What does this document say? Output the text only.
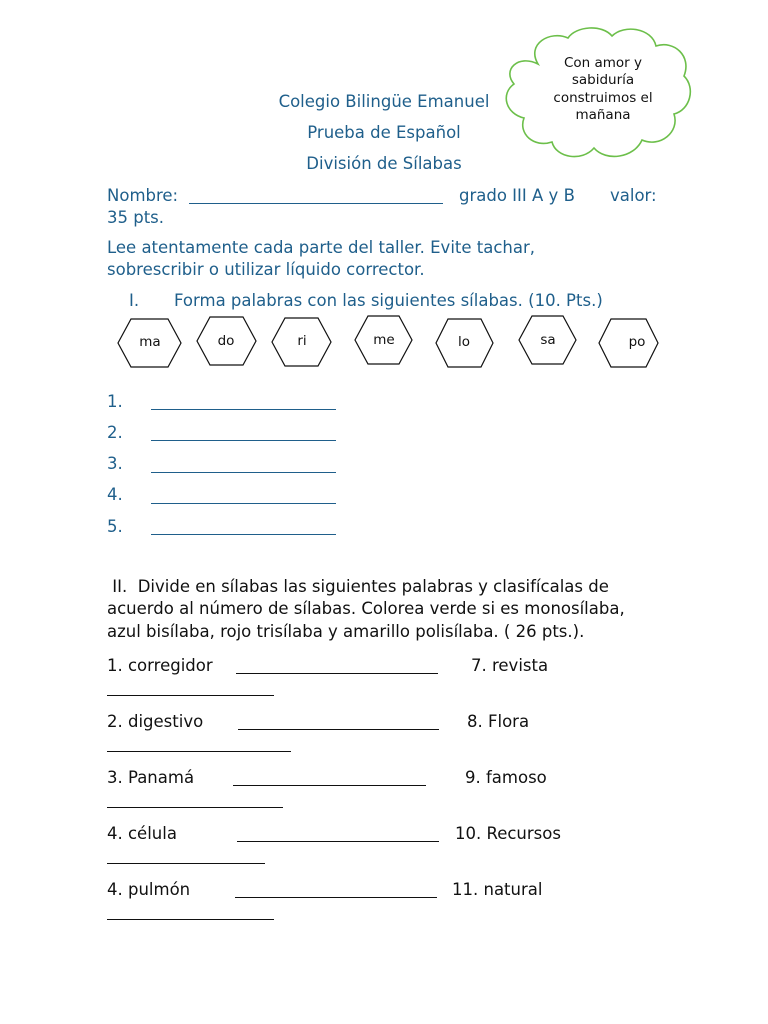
Con amor y
sabiduría
construimos el
mañana
Colegio Bilingüe Emanuel
Prueba de Español
División de Sílabas
Nombre:	grado III A y B valor:
35 pts.
Lee atentamente cada parte del taller. Evite tachar,
sobrescribir o utilizar líquido corrector.
I. Forma palabras con las siguientes sílabas. (10. Pts.)
ma	do	ri	me	lo	sa	po
1.
2.
3.
4.
5.
II.  Divide en sílabas las siguientes palabras y clasifícalas de
acuerdo al número de sílabas. Colorea verde si es monosílaba,
azul bisílaba, rojo trisílaba y amarillo polisílaba. ( 26 pts.).
1. corregidor	7. revista
2. digestivo	8. Flora
3. Panamá	9. famoso
4. célula	10. Recursos
4. pulmón	11. natural
